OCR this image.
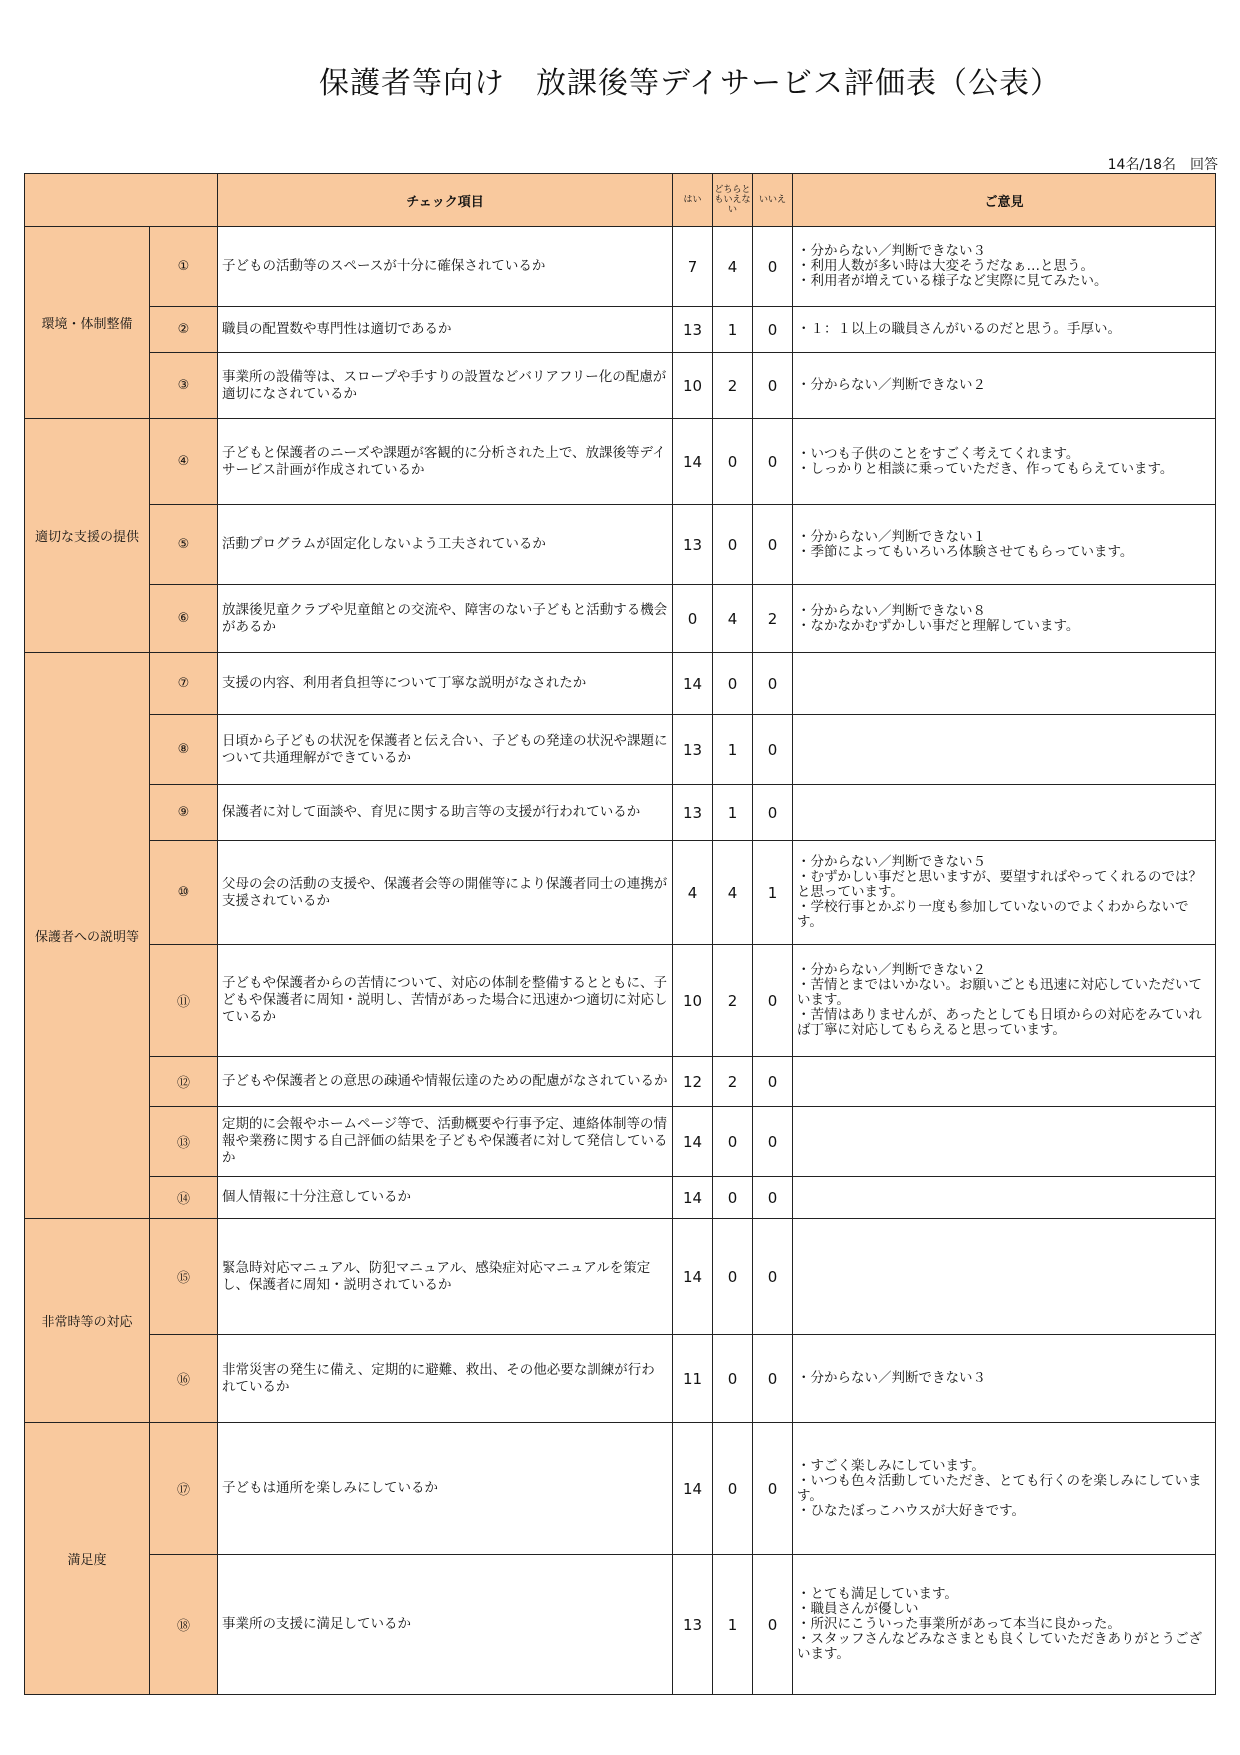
保護者等向け　放課後等デイサービス評価表（公表）
14名/18名　回答
		チェック項目	はい	どちらともいえない	いいえ	ご意見
環境・体制整備	①	子どもの活動等のスペースが十分に確保されているか	7	4	0	・分からない／判断できない３
・利用人数が多い時は大変そうだなぁ…と思う。
・利用者が増えている様子など実際に見てみたい。

	②	職員の配置数や専門性は適切であるか	13	1	0	・１：１以上の職員さんがいるのだと思う。手厚い。

	③	事業所の設備等は、スロープや手すりの設置などバリアフリー化の配慮が適切になされているか	10	2	0	・分からない／判断できない２

適切な支援の提供	④	子どもと保護者のニーズや課題が客観的に分析された上で、放課後等デイサービス計画が作成されているか	14	0	0	・いつも子供のことをすごく考えてくれます。
・しっかりと相談に乗っていただき、作ってもらえています。

	⑤	活動プログラムが固定化しないよう工夫されているか	13	0	0	・分からない／判断できない１
・季節によってもいろいろ体験させてもらっています。

	⑥	放課後児童クラブや児童館との交流や、障害のない子どもと活動する機会があるか	0	4	2	・分からない／判断できない８
・なかなかむずかしい事だと理解しています。

保護者への説明等	⑦	支援の内容、利用者負担等について丁寧な説明がなされたか	14	0	0	
	⑧	日頃から子どもの状況を保護者と伝え合い、子どもの発達の状況や課題について共通理解ができているか	13	1	0	
	⑨	保護者に対して面談や、育児に関する助言等の支援が行われているか	13	1	0	
	⑩	父母の会の活動の支援や、保護者会等の開催等により保護者同士の連携が支援されているか	4	4	1	・分からない／判断できない５
・むずかしい事だと思いますが、要望すればやってくれるのでは？と思っています。
・学校行事とかぶり一度も参加していないのでよくわからないです。

	⑪	子どもや保護者からの苦情について、対応の体制を整備するとともに、子どもや保護者に周知・説明し、苦情があった場合に迅速かつ適切に対応しているか	10	2	0	・分からない／判断できない２
・苦情とまではいかない。お願いごとも迅速に対応していただいています。
・苦情はありませんが、あったとしても日頃からの対応をみていれば丁寧に対応してもらえると思っています。

	⑫	子どもや保護者との意思の疎通や情報伝達のための配慮がなされているか	12	2	0	
	⑬	定期的に会報やホームページ等で、活動概要や行事予定、連絡体制等の情報や業務に関する自己評価の結果を子どもや保護者に対して発信しているか	14	0	0	
	⑭	個人情報に十分注意しているか	14	0	0	
非常時等の対応	⑮	緊急時対応マニュアル、防犯マニュアル、感染症対応マニュアルを策定し、保護者に周知・説明されているか	14	0	0	
	⑯	非常災害の発生に備え、定期的に避難、救出、その他必要な訓練が行われているか	11	0	0	・分からない／判断できない３

満足度	⑰	子どもは通所を楽しみにしているか	14	0	0	・すごく楽しみにしています。
・いつも色々活動していただき、とても行くのを楽しみにしています。
・ひなたぼっこハウスが大好きです。

	⑱	事業所の支援に満足しているか	13	1	0	・とても満足しています。
・職員さんが優しい
・所沢にこういった事業所があって本当に良かった。
・スタッフさんなどみなさまとも良くしていただきありがとうございます。
